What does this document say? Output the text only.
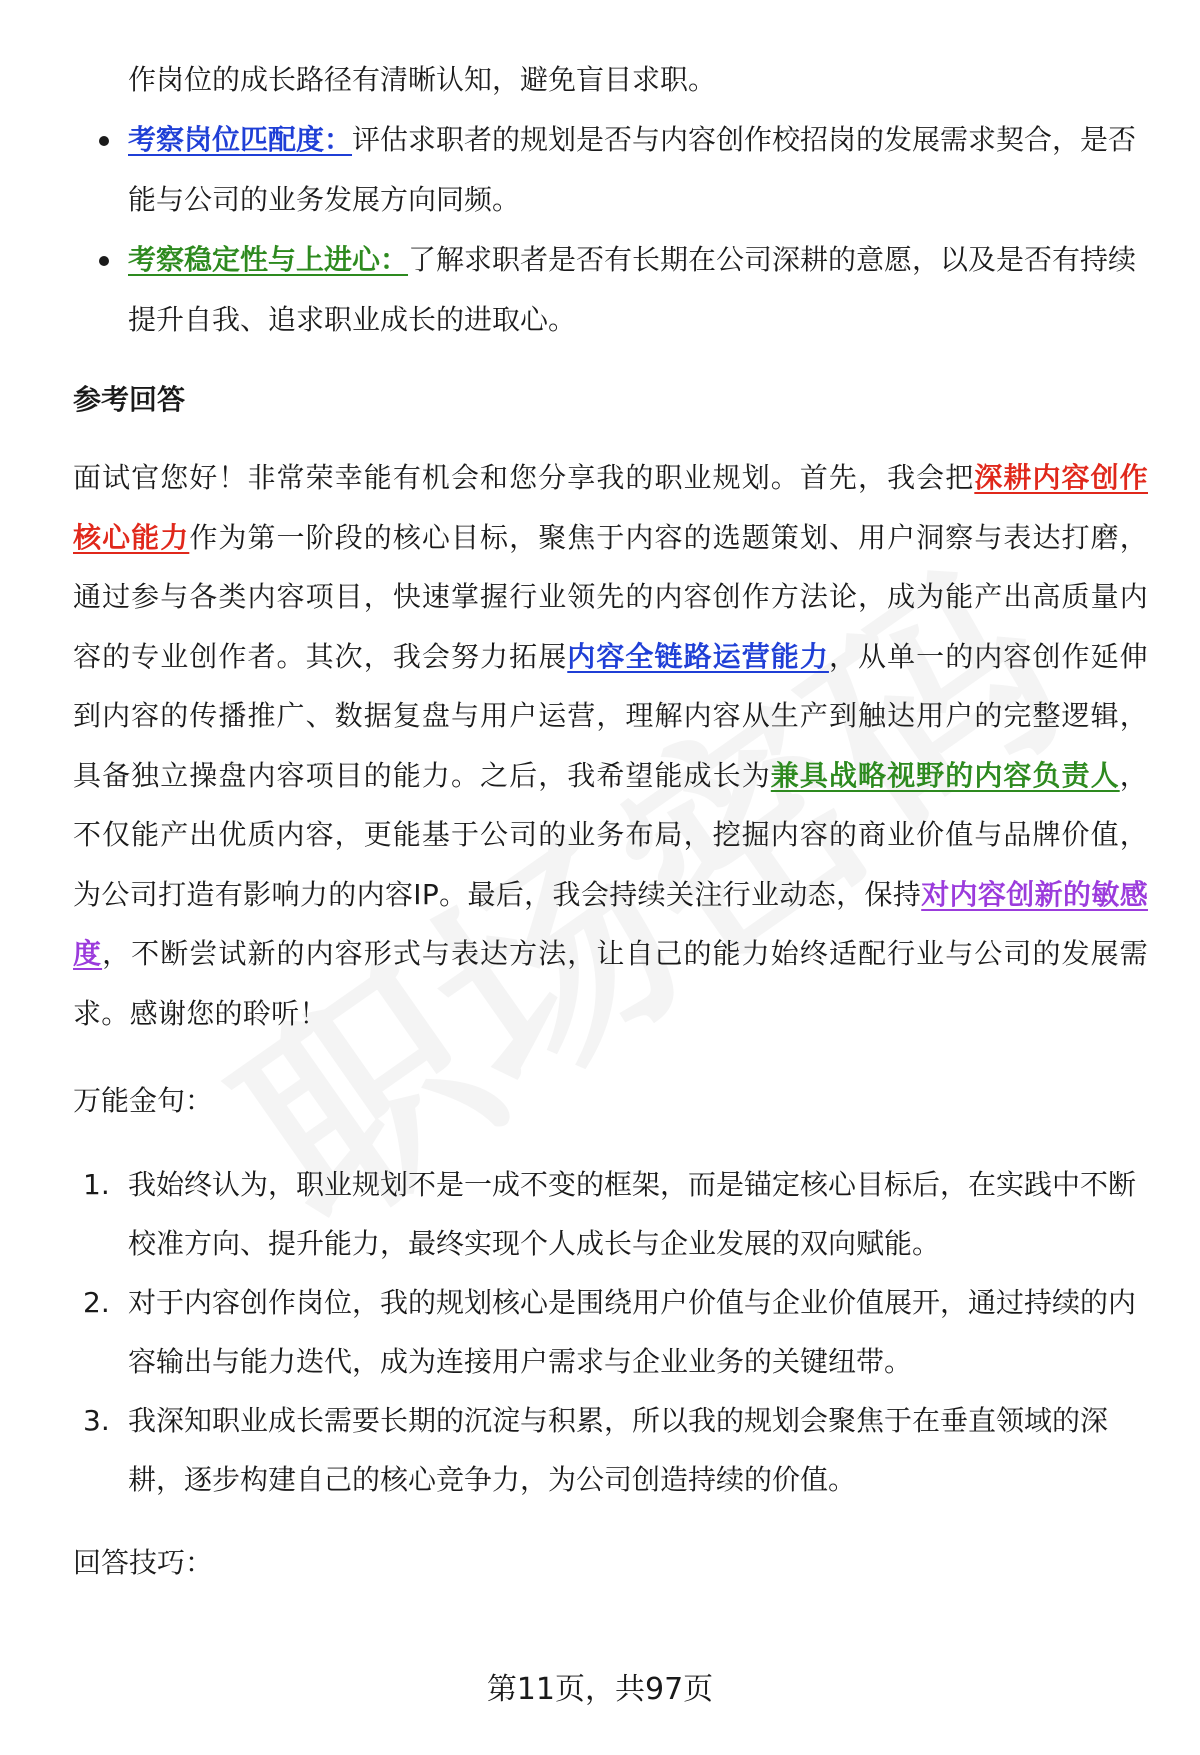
作岗位的成长路径有清晰认知，避免盲目求职。

考察岗位匹配度：评估求职者的规划是否与内容创作校招岗的发展需求契合，是否能与公司的业务发展方向同频。
考察稳定性与上进心：了解求职者是否有长期在公司深耕的意愿，以及是否有持续提升自我、追求职业成长的进取心。
参考回答

面试官您好！非常荣幸能有机会和您分享我的职业规划。首先，我会把深耕内容创作核心能力作为第一阶段的核心目标，聚焦于内容的选题策划、用户洞察与表达打磨，通过参与各类内容项目，快速掌握行业领先的内容创作方法论，成为能产出高质量内容的专业创作者。其次，我会努力拓展内容全链路运营能力，从单一的内容创作延伸到内容的传播推广、数据复盘与用户运营，理解内容从生产到触达用户的完整逻辑，具备独立操盘内容项目的能力。之后，我希望能成长为兼具战略视野的内容负责人，不仅能产出优质内容，更能基于公司的业务布局，挖掘内容的商业价值与品牌价值，为公司打造有影响力的内容IP。最后，我会持续关注行业动态，保持对内容创新的敏感度，不断尝试新的内容形式与表达方法，让自己的能力始终适配行业与公司的发展需求。感谢您的聆听！

万能金句：
1. 我始终认为，职业规划不是一成不变的框架，而是锚定核心目标后，在实践中不断校准方向、提升能力，最终实现个人成长与企业发展的双向赋能。
2. 对于内容创作岗位，我的规划核心是围绕用户价值与企业价值展开，通过持续的内容输出与能力迭代，成为连接用户需求与企业业务的关键纽带。
3. 我深知职业成长需要长期的沉淀与积累，所以我的规划会聚焦于在垂直领域的深耕，逐步构建自己的核心竞争力，为公司创造持续的价值。
回答技巧：
第11页，共97页
